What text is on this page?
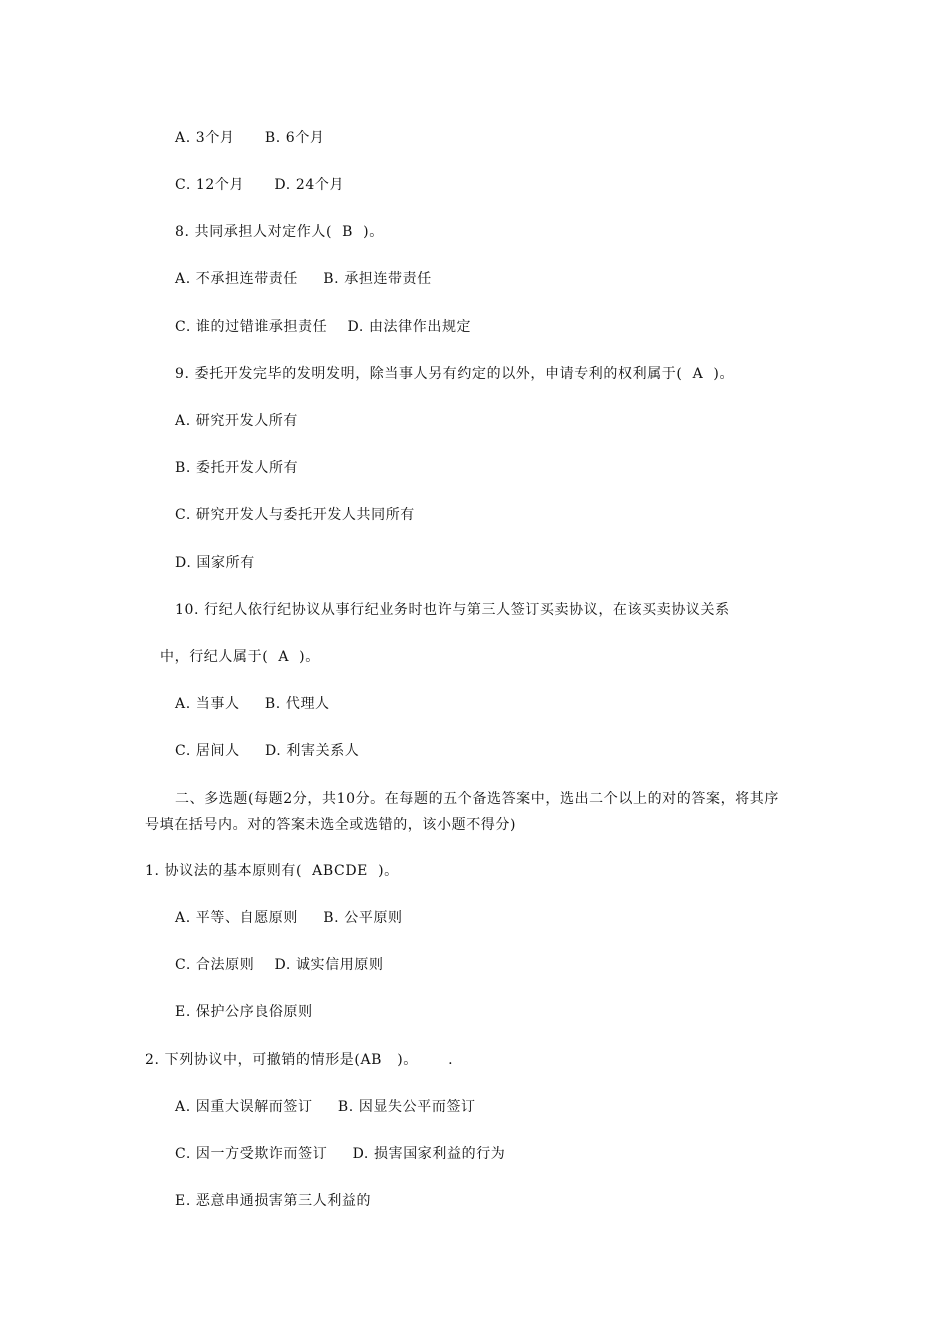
A. 3个月      B. 6个月
C. 12个月      D. 24个月
8. 共同承担人对定作人(  B  )。
A. 不承担连带责任     B. 承担连带责任
C. 谁的过错谁承担责任    D. 由法律作出规定
9. 委托开发完毕的发明发明，除当事人另有约定的以外，申请专利的权利属于(  A  )。
A. 研究开发人所有
B. 委托开发人所有
C. 研究开发人与委托开发人共同所有
D. 国家所有
10. 行纪人依行纪协议从事行纪业务时也许与第三人签订买卖协议，在该买卖协议关系
中，行纪人属于(  A  )。
A. 当事人     B. 代理人
C. 居间人     D. 利害关系人
二、多选题(每题2分，共10分。在每题的五个备选答案中，选出二个以上的对的答案，将其序
号填在括号内。对的答案未选全或选错的，该小题不得分)
1. 协议法的基本原则有(  ABCDE  )。
A. 平等、自愿原则     B. 公平原则
C. 合法原则    D. 诚实信用原则
E. 保护公序良俗原则
2. 下列协议中，可撤销的情形是(AB   )。      .
A. 因重大误解而签订     B. 因显失公平而签订
C. 因一方受欺诈而签订     D. 损害国家利益的行为
E. 恶意串通损害第三人利益的
